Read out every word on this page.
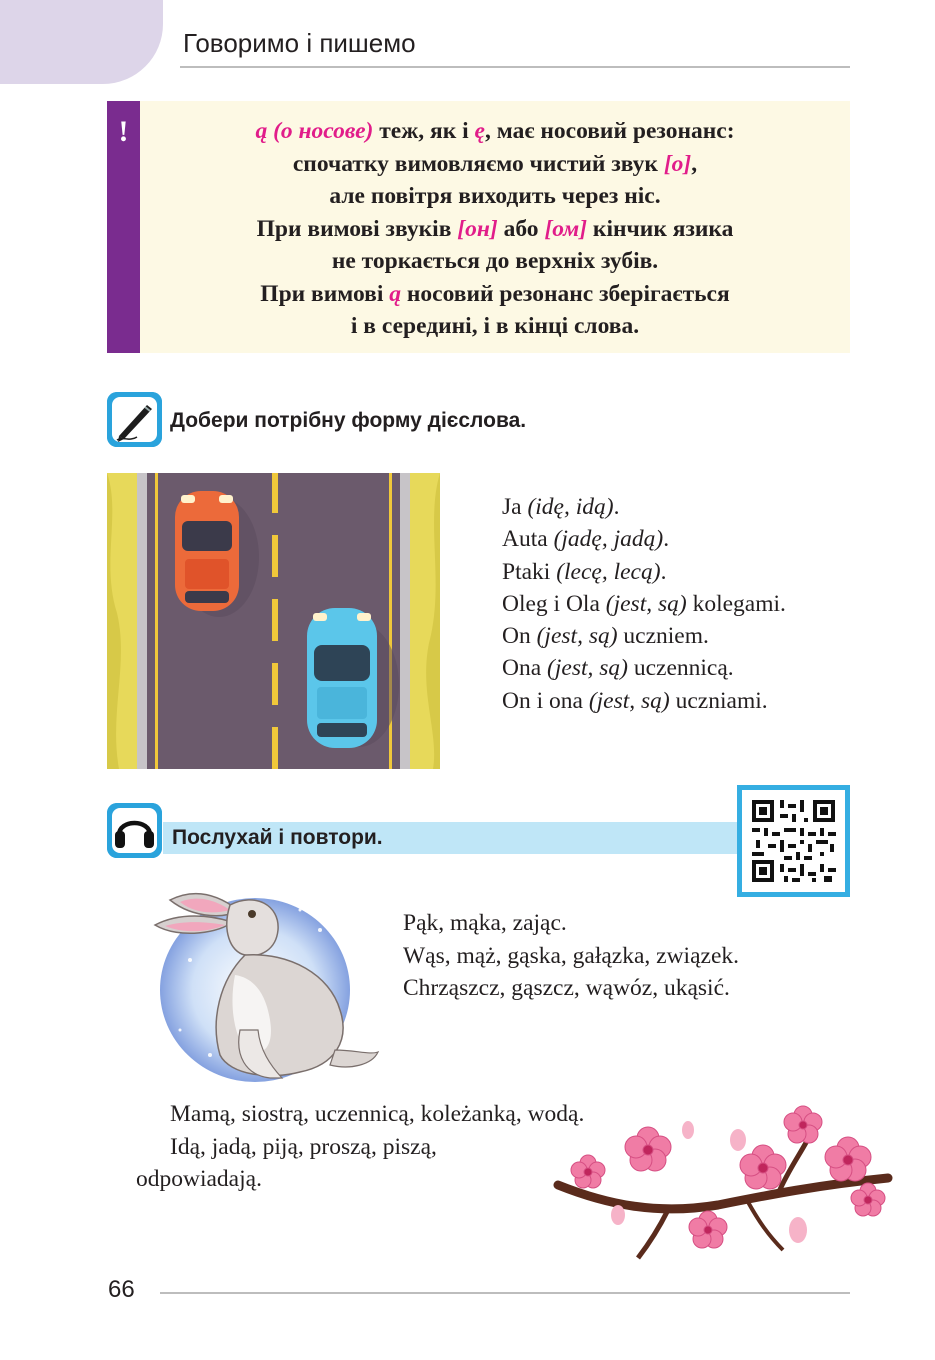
Говоримо і пишемо
!	ą (о носове) теж, як і ę, має носовий резонанс:
спочатку вимовляємо чистий звук [о],
але повітря виходить через ніс.
При вимові звуків [он] або [ом] кінчик язика
не торкається до верхніх зубів.
При вимові ą носовий резонанс зберігається
і в середині, і в кінці слова.
Добери потрібну форму дієслова.
Ja (idę, idą).
Auta (jadę, jadą).
Ptaki (lecę, lecą).
Oleg i Ola (jest, są) kolegami.
On (jest, są) uczniem.
Ona (jest, są) uczennicą.
On i ona (jest, są) uczniami.
Послухай і повтори.
Pąk, mąka, zając.
Wąs, mąż, gąska, gałązka, związek.
Chrząszcz, gąszcz, wąwóz, ukąsić.
Mamą, siostrą, uczennicą, koleżanką, wodą.
Idą, jadą, piją, proszą, piszą,
odpowiadają.
66
